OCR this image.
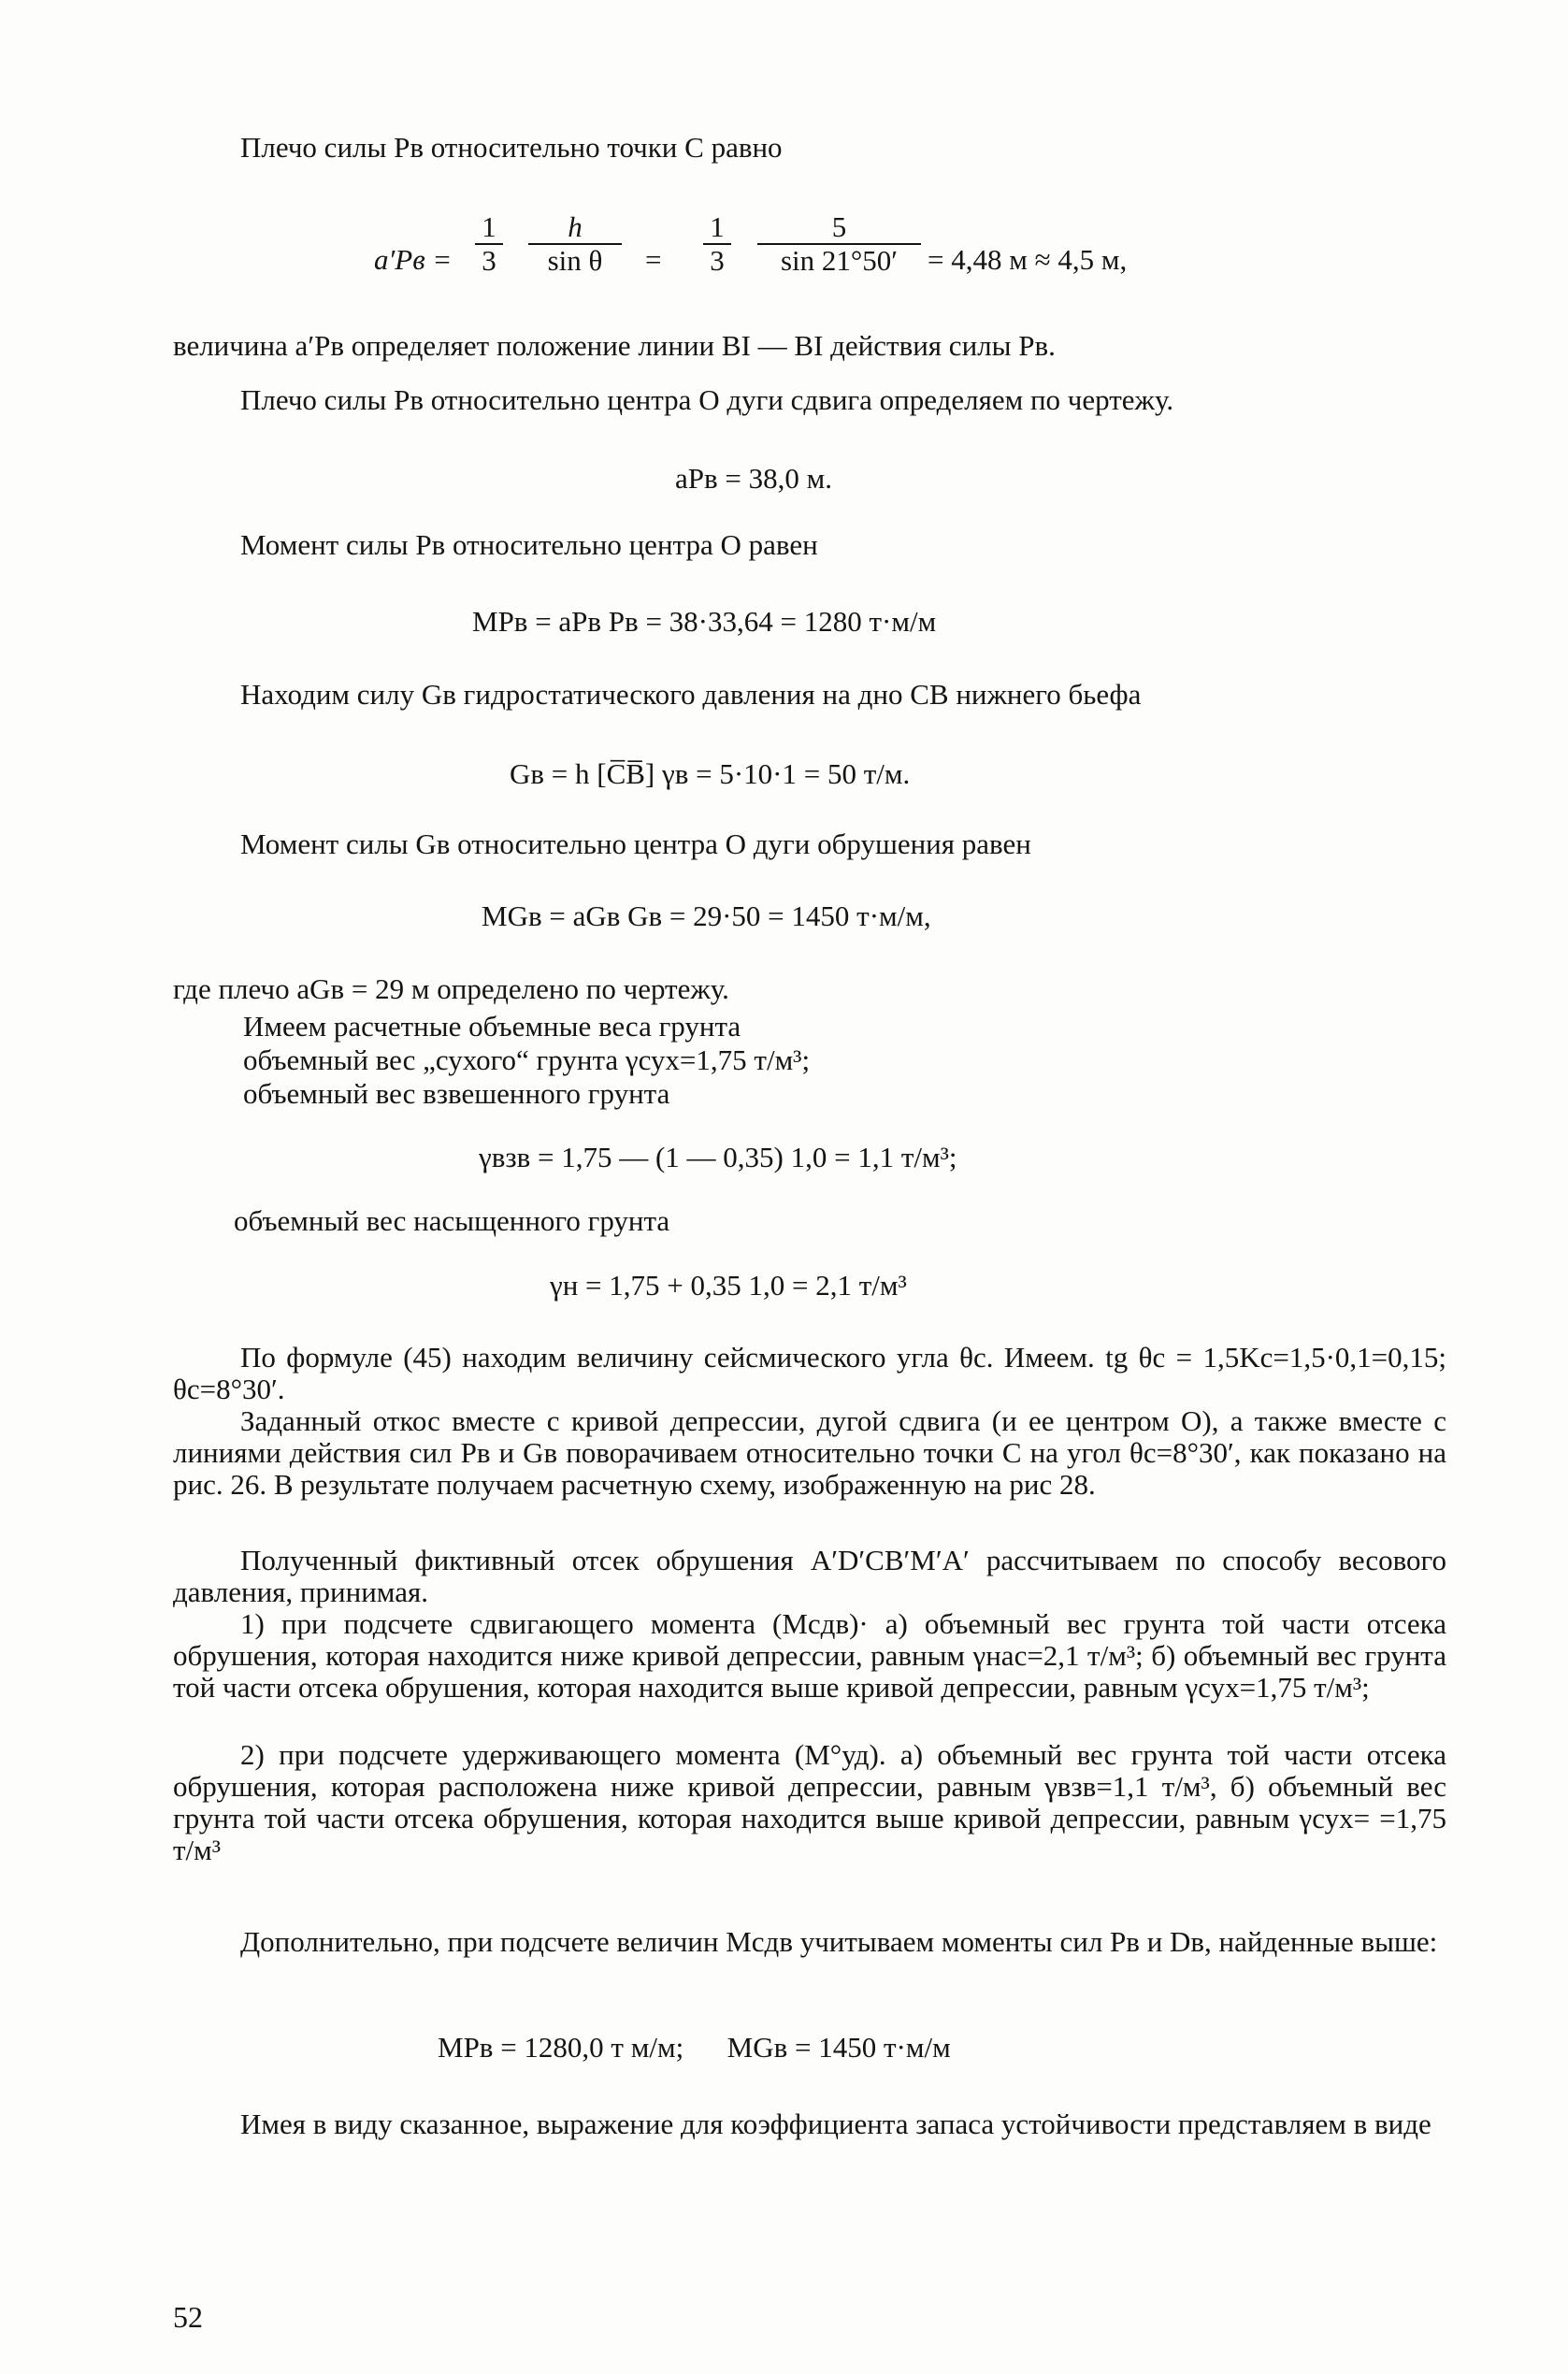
Плечо силы Pв относительно точки C равно

a′Pв =
1
3
h
sin θ	=
1
3
5
sin 21°50′	= 4,48 м ≈ 4,5 м,

величина a′Pв определяет положение линии BI — BI действия силы Pв.

Плечо силы Pв относительно центра O дуги сдвига определяем по чертежу.

aPв = 38,0 м.

Момент силы Pв относительно центра O равен

MPв = aPв Pв = 38·33,64 = 1280 т·м/м

Находим силу Gв гидростатического давления на дно CB нижнего бьефа

Gв = h [C̅B̅] γв = 5·10·1 = 50 т/м.

Момент силы Gв относительно центра O дуги обрушения равен

MGв = aGв Gв = 29·50 = 1450 т·м/м,

где плечо aGв = 29 м определено по чертежу.

Имеем расчетные объемные веса грунта
объемный вес „сухого“ грунта γсух=1,75 т/м³;
объемный вес взвешенного грунта
γвзв = 1,75 — (1 — 0,35) 1,0 = 1,1 т/м³;

объемный вес насыщенного грунта

γн = 1,75 + 0,35 1,0 = 2,1 т/м³

По формуле (45) находим величину сейсмического угла θc. Имеем. tg θc = 1,5Kc=1,5·0,1=0,15; θc=8°30′.

Заданный откос вместе с кривой депрессии, дугой сдвига (и ее центром O), а также вместе с линиями действия сил Pв и Gв поворачиваем относительно точки C на угол θc=8°30′, как показано на рис. 26. В результате получаем расчетную схему, изображенную на рис 28.

Полученный фиктивный отсек обрушения A′D′CB′M′A′ рассчитываем по способу весового давления, принимая.

1) при подсчете сдвигающего момента (Mсдв)· а) объемный вес грунта той части отсека обрушения, которая находится ниже кривой депрессии, равным γнас=2,1 т/м³; б) объемный вес грунта той части отсека обрушения, которая находится выше кривой депрессии, равным γсух=1,75 т/м³;

2) при подсчете удерживающего момента (M°уд). а) объемный вес грунта той части отсека обрушения, которая расположена ниже кривой депрессии, равным γвзв=1,1 т/м³, б) объемный вес грунта той части отсека обрушения, которая находится выше кривой депрессии, равным γсух= =1,75 т/м³

Дополнительно, при подсчете величин Mсдв учитываем моменты сил Pв и Dв, найденные выше:

MPв = 1280,0 т м/м;      MGв = 1450 т·м/м

Имея в виду сказанное, выражение для коэффициента запаса устойчивости представляем в виде

52
